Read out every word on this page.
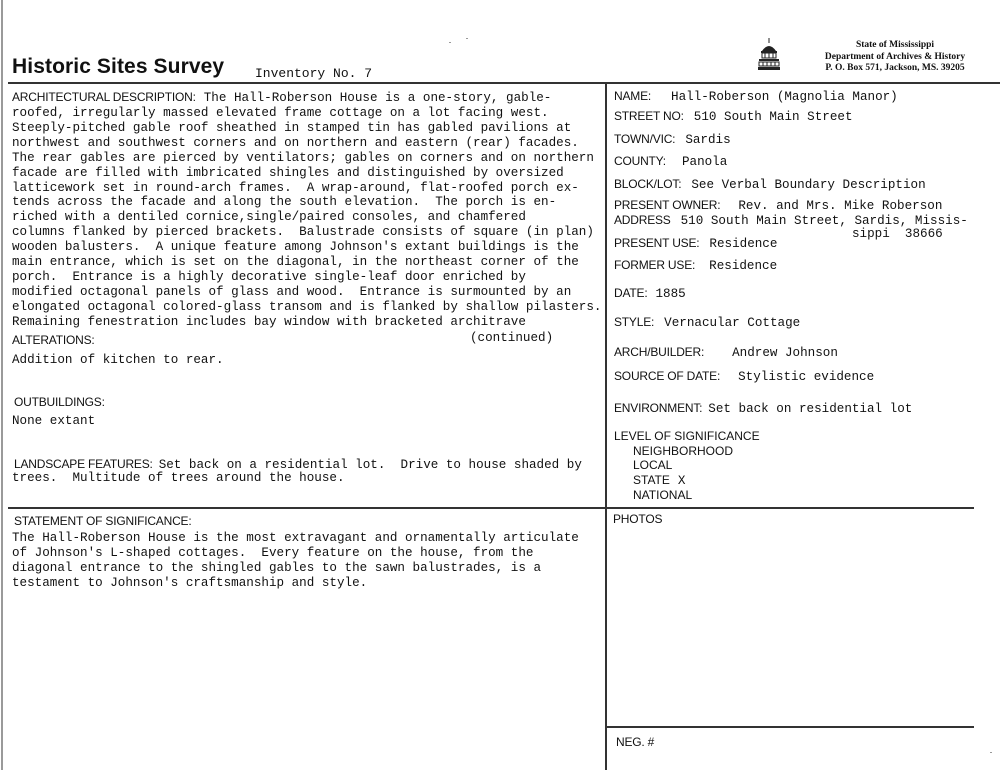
Historic Sites Survey Inventory No. 7
State of Mississippi
Department of Archives & History
P. O. Box 571, Jackson, MS. 39205
ARCHITECTURAL DESCRIPTION: The Hall-Roberson House is a one-story, gable-
roofed, irregularly massed elevated frame cottage on a lot facing west.
Steeply-pitched gable roof sheathed in stamped tin has gabled pavilions at
northwest and southwest corners and on northern and eastern (rear) facades.
The rear gables are pierced by ventilators; gables on corners and on northern
facade are filled with imbricated shingles and distinguished by oversized
latticework set in round-arch frames.  A wrap-around, flat-roofed porch ex-
tends across the facade and along the south elevation.  The porch is en-
riched with a dentiled cornice,single/paired consoles, and chamfered
columns flanked by pierced brackets.  Balustrade consists of square (in plan)
wooden balusters.  A unique feature among Johnson's extant buildings is the
main entrance, which is set on the diagonal, in the northeast corner of the
porch.  Entrance is a highly decorative single-leaf door enriched by
modified octagonal panels of glass and wood.  Entrance is surmounted by an
elongated octagonal colored-glass transom and is flanked by shallow pilasters.
Remaining fenestration includes bay window with bracketed architrave
ALTERATIONS:	(continued)
Addition of kitchen to rear.
OUTBUILDINGS:
None extant
LANDSCAPE FEATURES: Set back on a residential lot.  Drive to house shaded by
trees.  Multitude of trees around the house.
STATEMENT OF SIGNIFICANCE:
The Hall-Roberson House is the most extravagant and ornamentally articulate
of Johnson's L-shaped cottages.  Every feature on the house, from the
diagonal entrance to the shingled gables to the sawn balustrades, is a
testament to Johnson's craftsmanship and style.
NAME: Hall-Roberson (Magnolia Manor)
STREET NO: 510 South Main Street
TOWN/VIC: Sardis
COUNTY: Panola
BLOCK/LOT: See Verbal Boundary Description
PRESENT OWNER: Rev. and Mrs. Mike Roberson
ADDRESS 510 South Main Street, Sardis, Missis-
sippi  38666
PRESENT USE: Residence
FORMER USE: Residence
DATE: 1885
STYLE: Vernacular Cottage
ARCH/BUILDER: Andrew Johnson
SOURCE OF DATE: Stylistic evidence
ENVIRONMENT: Set back on residential lot
LEVEL OF SIGNIFICANCE
NEIGHBORHOOD
LOCAL
STATE X
NATIONAL
PHOTOS
NEG. #
